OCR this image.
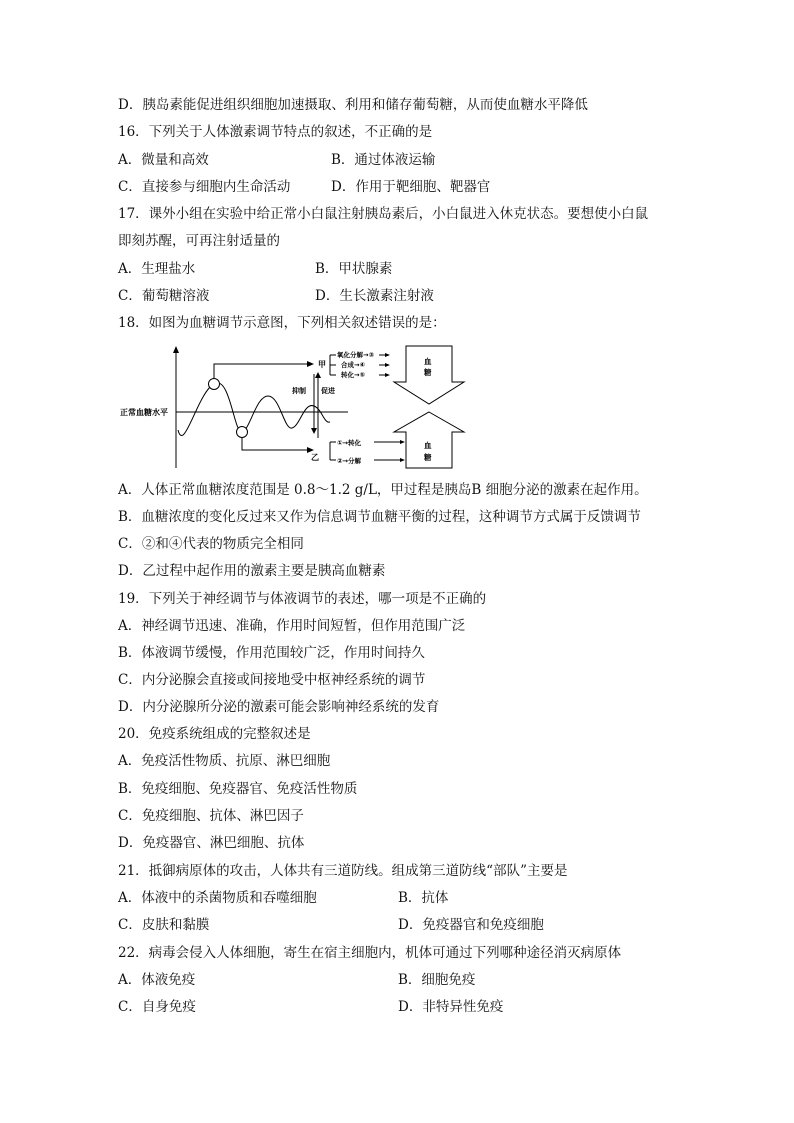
D．胰岛素能促进组织细胞加速摄取、利用和储存葡萄糖，从而使血糖水平降低
16．下列关于人体激素调节特点的叙述，不正确的是
A．微量和高效	B．通过体液运输
C．直接参与细胞内生命活动	D．作用于靶细胞、靶器官
17．课外小组在实验中给正常小白鼠注射胰岛素后，小白鼠进入休克状态。要想使小白鼠
即刻苏醒，可再注射适量的
A．生理盐水	B．甲状腺素
C．葡萄糖溶液	D．生长激素注射液
18．如图为血糖调节示意图，下列相关叙述错误的是：
正常血糖水平
甲
乙
抑制 促进
氧化分解→③
合成→④
转化→⑤
血
糖
血
糖
①→转化
②→分解
A．人体正常血糖浓度范围是 0.8～1.2 g/L，甲过程是胰岛B 细胞分泌的激素在起作用。
B．血糖浓度的变化反过来又作为信息调节血糖平衡的过程，这种调节方式属于反馈调节
C．②和④代表的物质完全相同
D．乙过程中起作用的激素主要是胰高血糖素
19．下列关于神经调节与体液调节的表述，哪一项是不正确的
A．神经调节迅速、准确，作用时间短暂，但作用范围广泛
B．体液调节缓慢，作用范围较广泛，作用时间持久
C．内分泌腺会直接或间接地受中枢神经系统的调节
D．内分泌腺所分泌的激素可能会影响神经系统的发育
20．免疫系统组成的完整叙述是
A．免疫活性物质、抗原、淋巴细胞
B．免疫细胞、免疫器官、免疫活性物质
C．免疫细胞、抗体、淋巴因子
D．免疫器官、淋巴细胞、抗体
21．抵御病原体的攻击，人体共有三道防线。组成第三道防线“部队”主要是
A．体液中的杀菌物质和吞噬细胞	B．抗体
C．皮肤和黏膜	D．免疫器官和免疫细胞
22．病毒会侵入人体细胞，寄生在宿主细胞内，机体可通过下列哪种途径消灭病原体
A．体液免疫	B．细胞免疫
C．自身免疫	D．非特异性免疫
